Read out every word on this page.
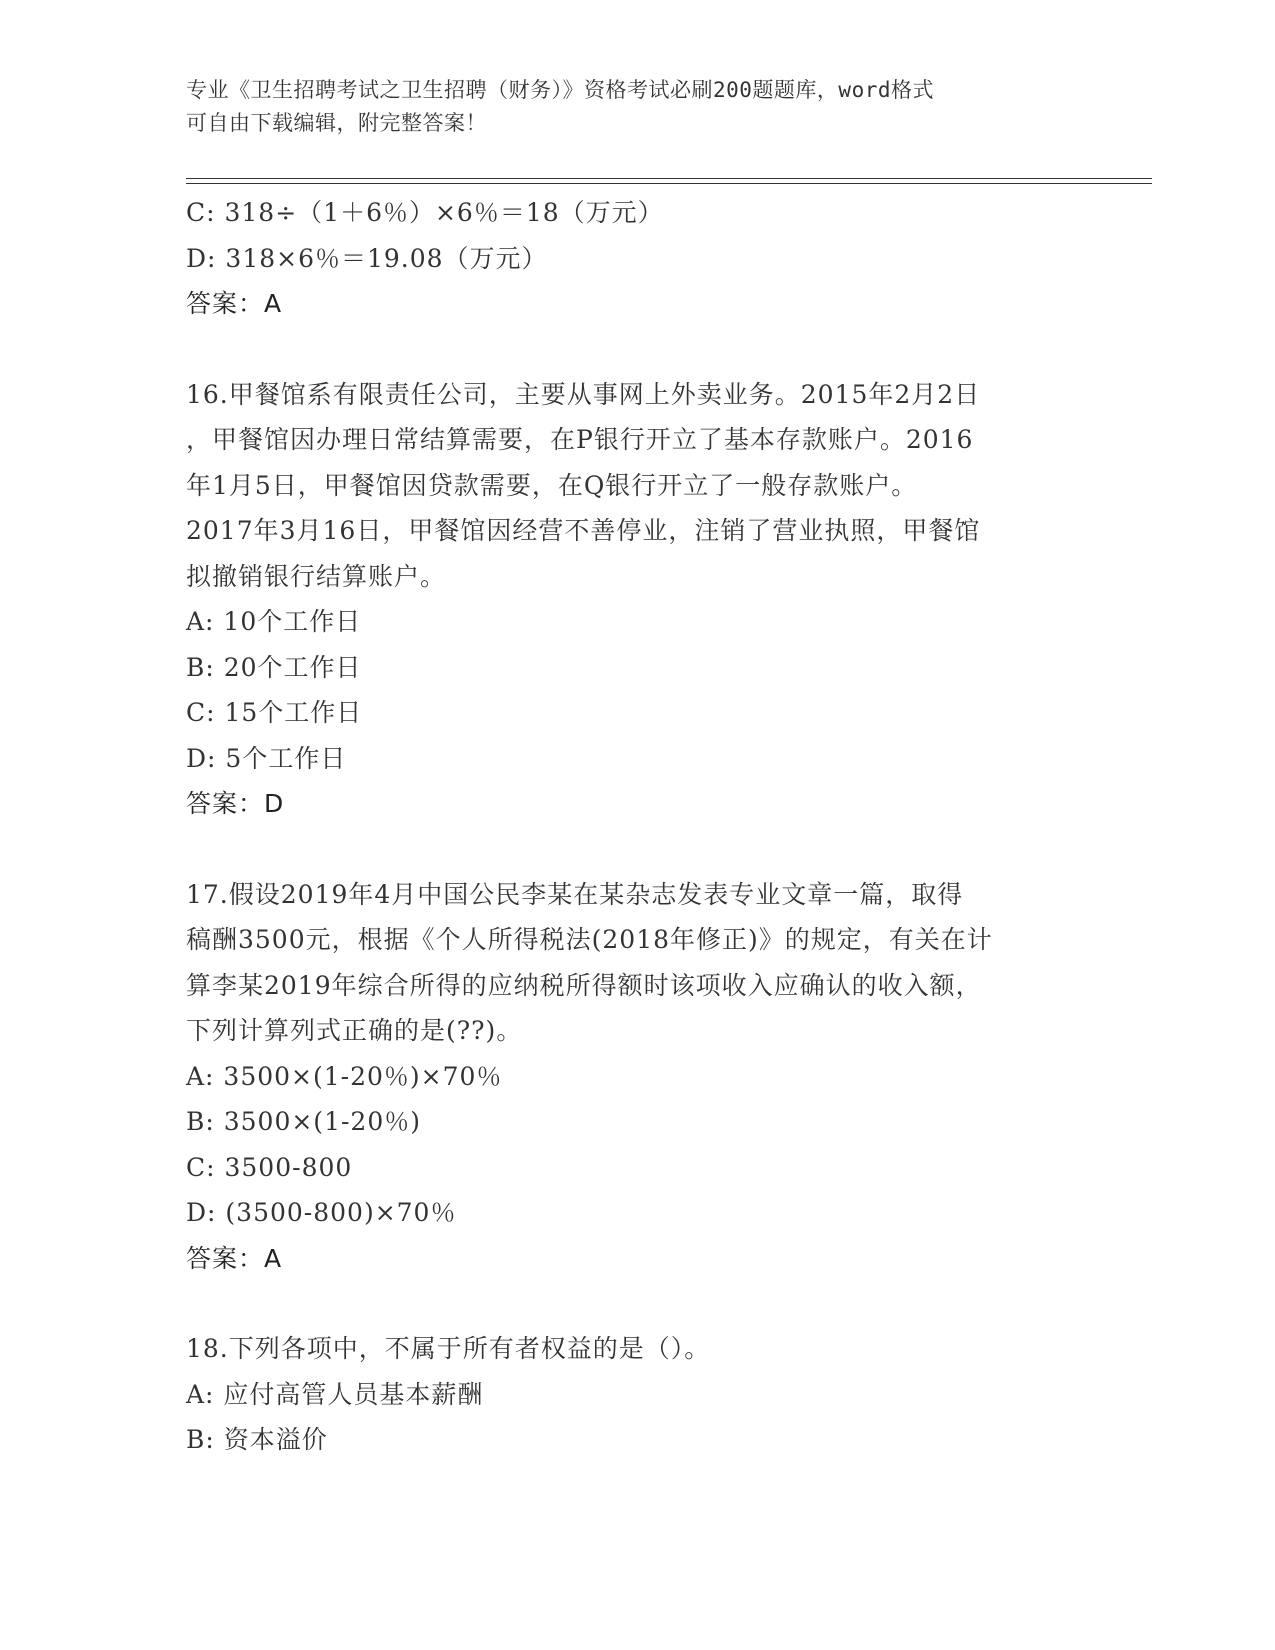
专业《卫生招聘考试之卫生招聘（财务）》资格考试必刷200题题库，word格式
可自由下载编辑，附完整答案！
C: 318÷（1＋6％）×6％＝18（万元）
D: 318×6％＝19.08（万元）
答案：A
16.甲餐馆系有限责任公司，主要从事网上外卖业务。2015年2月2日
，甲餐馆因办理日常结算需要，在P银行开立了基本存款账户。2016
年1月5日，甲餐馆因贷款需要，在Q银行开立了一般存款账户。
2017年3月16日，甲餐馆因经营不善停业，注销了营业执照，甲餐馆
拟撤销银行结算账户。
A: 10个工作日
B: 20个工作日
C: 15个工作日
D: 5个工作日
答案：D
17.假设2019年4月中国公民李某在某杂志发表专业文章一篇，取得
稿酬3500元，根据《个人所得税法(2018年修正)》的规定，有关在计
算李某2019年综合所得的应纳税所得额时该项收入应确认的收入额，
下列计算列式正确的是(??)。
A: 3500×(1-20％)×70％
B: 3500×(1-20％)
C: 3500-800
D: (3500-800)×70％
答案：A
18.下列各项中，不属于所有者权益的是（）。
A: 应付高管人员基本薪酬
B: 资本溢价
